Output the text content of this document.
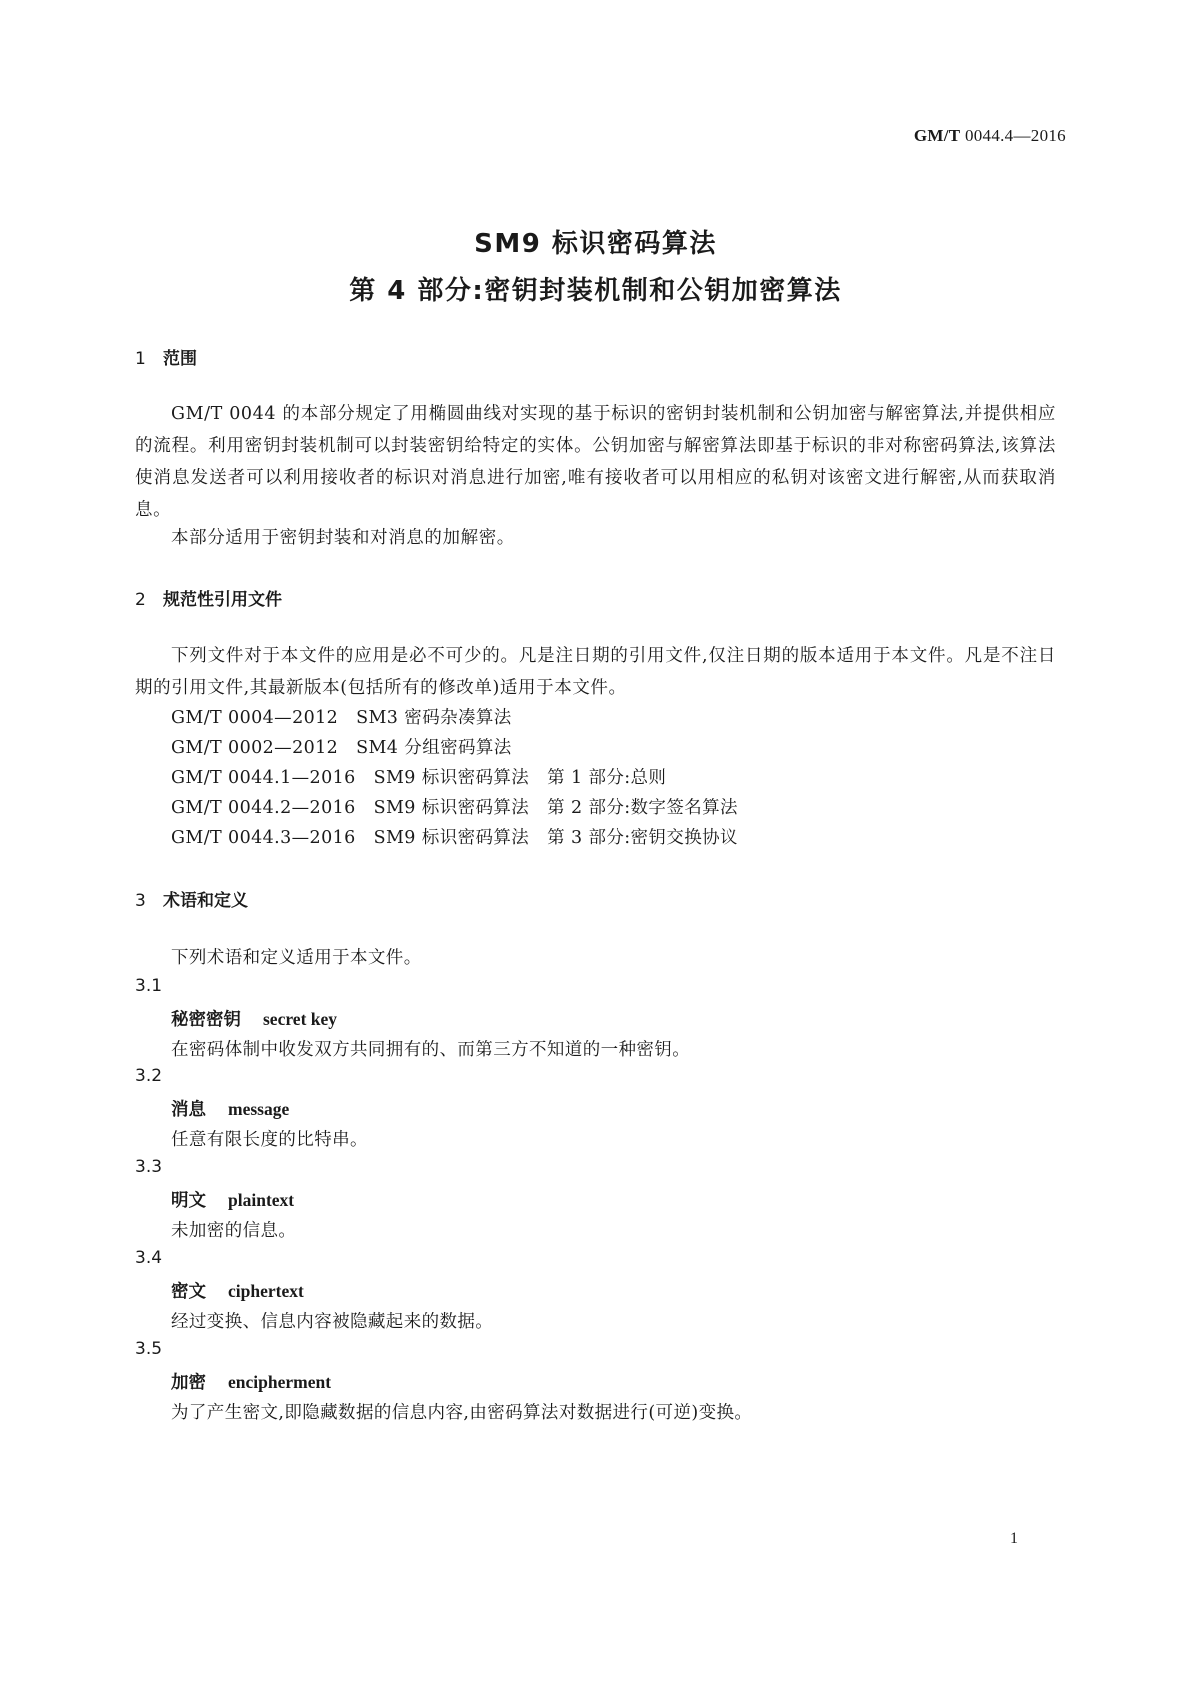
GM/T 0044.4—2016
SM9 标识密码算法
第 4 部分:密钥封装机制和公钥加密算法
1 范围
GM/T 0044 的本部分规定了用椭圆曲线对实现的基于标识的密钥封装机制和公钥加密与解密算法,并提供相应的流程。利用密钥封装机制可以封装密钥给特定的实体。公钥加密与解密算法即基于标识的非对称密码算法,该算法使消息发送者可以利用接收者的标识对消息进行加密,唯有接收者可以用相应的私钥对该密文进行解密,从而获取消息。
本部分适用于密钥封装和对消息的加解密。
2 规范性引用文件
下列文件对于本文件的应用是必不可少的。凡是注日期的引用文件,仅注日期的版本适用于本文件。凡是不注日期的引用文件,其最新版本(包括所有的修改单)适用于本文件。
GM/T 0004—2012   SM3 密码杂凑算法
GM/T 0002—2012   SM4 分组密码算法
GM/T 0044.1—2016   SM9 标识密码算法   第 1 部分:总则
GM/T 0044.2—2016   SM9 标识密码算法   第 2 部分:数字签名算法
GM/T 0044.3—2016   SM9 标识密码算法   第 3 部分:密钥交换协议
3 术语和定义
下列术语和定义适用于本文件。
3.1
秘密密钥 secret key
在密码体制中收发双方共同拥有的、而第三方不知道的一种密钥。
3.2
消息 message
任意有限长度的比特串。
3.3
明文 plaintext
未加密的信息。
3.4
密文 ciphertext
经过变换、信息内容被隐藏起来的数据。
3.5
加密 encipherment
为了产生密文,即隐藏数据的信息内容,由密码算法对数据进行(可逆)变换。
1
